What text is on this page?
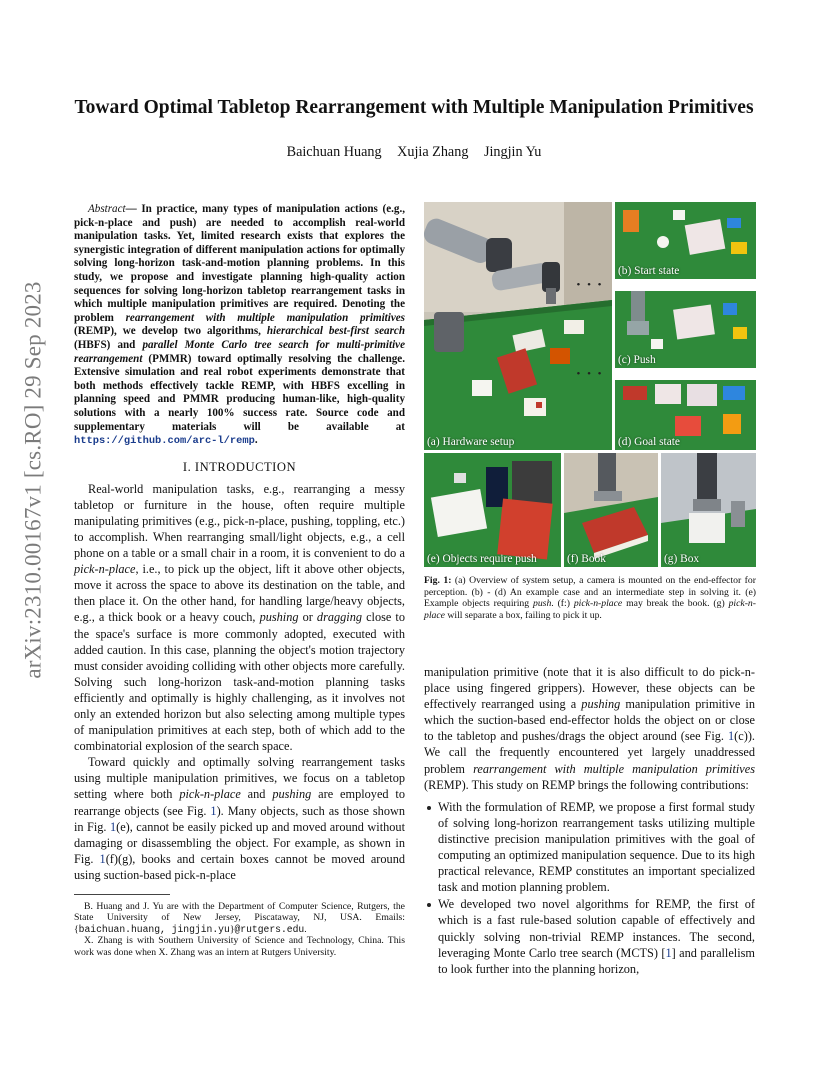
Toward Optimal Tabletop Rearrangement with Multiple Manipulation Primitives
Baichuan Huang Xujia Zhang Jingjin Yu
arXiv:2310.00167v1 [cs.RO] 29 Sep 2023

Abstract— In practice, many types of manipulation actions (e.g., pick-n-place and push) are needed to accomplish real-world manipulation tasks. Yet, limited research exists that explores the synergistic integration of different manipulation actions for optimally solving long-horizon task-and-motion planning problems. In this study, we propose and investigate planning high-quality action sequences for solving long-horizon tabletop rearrangement tasks in which multiple manipulation primitives are required. Denoting the problem rearrangement with multiple manipulation primitives (REMP), we develop two algorithms, hierarchical best-first search (HBFS) and parallel Monte Carlo tree search for multi-primitive rearrangement (PMMR) toward optimally resolving the challenge. Extensive simulation and real robot experiments demonstrate that both methods effectively tackle REMP, with HBFS excelling in planning speed and PMMR producing human-like, high-quality solutions with a nearly 100% success rate. Source code and supplementary materials will be available at https://github.com/arc-l/remp.

I. INTRODUCTION

Real-world manipulation tasks, e.g., rearranging a messy tabletop or furniture in the house, often require multiple manipulating primitives (e.g., pick-n-place, pushing, toppling, etc.) to accomplish. When rearranging small/light objects, e.g., a cell phone on a table or a small chair in a room, it is convenient to do a pick-n-place, i.e., to pick up the object, lift it above other objects, move it across the space to above its destination on the table, and then place it. On the other hand, for handling large/heavy objects, e.g., a thick book or a heavy couch, pushing or dragging close to the space's surface is more commonly adopted, executed with added caution. In this case, planning the object's motion trajectory must consider avoiding colliding with other objects more carefully. Solving such long-horizon task-and-motion planning tasks efficiently and optimally is highly challenging, as it involves not only an extended horizon but also selecting among multiple types of manipulation primitives at each step, both of which add to the combinatorial explosion of the search space.

Toward quickly and optimally solving rearrangement tasks using multiple manipulation primitives, we focus on a tabletop setting where both pick-n-place and pushing are employed to rearrange objects (see Fig. 1). Many objects, such as those shown in Fig. 1(e), cannot be easily picked up and moved around without damaging or disassembling the object. For example, as shown in Fig. 1(f)(g), books and certain boxes cannot be moved around using suction-based pick-n-place

B. Huang and J. Yu are with the Department of Computer Science, Rutgers, the State University of New Jersey, Piscataway, NJ, USA. Emails: {baichuan.huang, jingjin.yu}@rutgers.edu.

X. Zhang is with Southern University of Science and Technology, China. This work was done when X. Zhang was an intern at Rutgers University.

(a) Hardware setup
(b) Start state
• • •
(c) Push
• • •
(d) Goal state
(e) Objects require push	(f) Book	(g) Box
Fig. 1: (a) Overview of system setup, a camera is mounted on the end-effector for perception. (b) - (d) An example case and an intermediate step in solving it. (e) Example objects requiring push. (f:) pick-n-place may break the book. (g) pick-n-place will separate a box, failing to pick it up.

manipulation primitive (note that it is also difficult to do pick-n-place using fingered grippers). However, these objects can be effectively rearranged using a pushing manipulation primitive in which the suction-based end-effector holds the object on or close to the tabletop and pushes/drags the object around (see Fig. 1(c)). We call the frequently encountered yet largely unaddressed problem rearrangement with multiple manipulation primitives (REMP). This study on REMP brings the following contributions:

With the formulation of REMP, we propose a first formal study of solving long-horizon rearrangement tasks utilizing multiple distinctive precision manipulation primitives with the goal of computing an optimized manipulation sequence. Due to its high practical relevance, REMP constitutes an important specialized task and motion planning problem.
We developed two novel algorithms for REMP, the first of which is a fast rule-based solution capable of effectively and quickly solving non-trivial REMP instances. The second, leveraging Monte Carlo tree search (MCTS) [1] and parallelism to look further into the planning horizon,
